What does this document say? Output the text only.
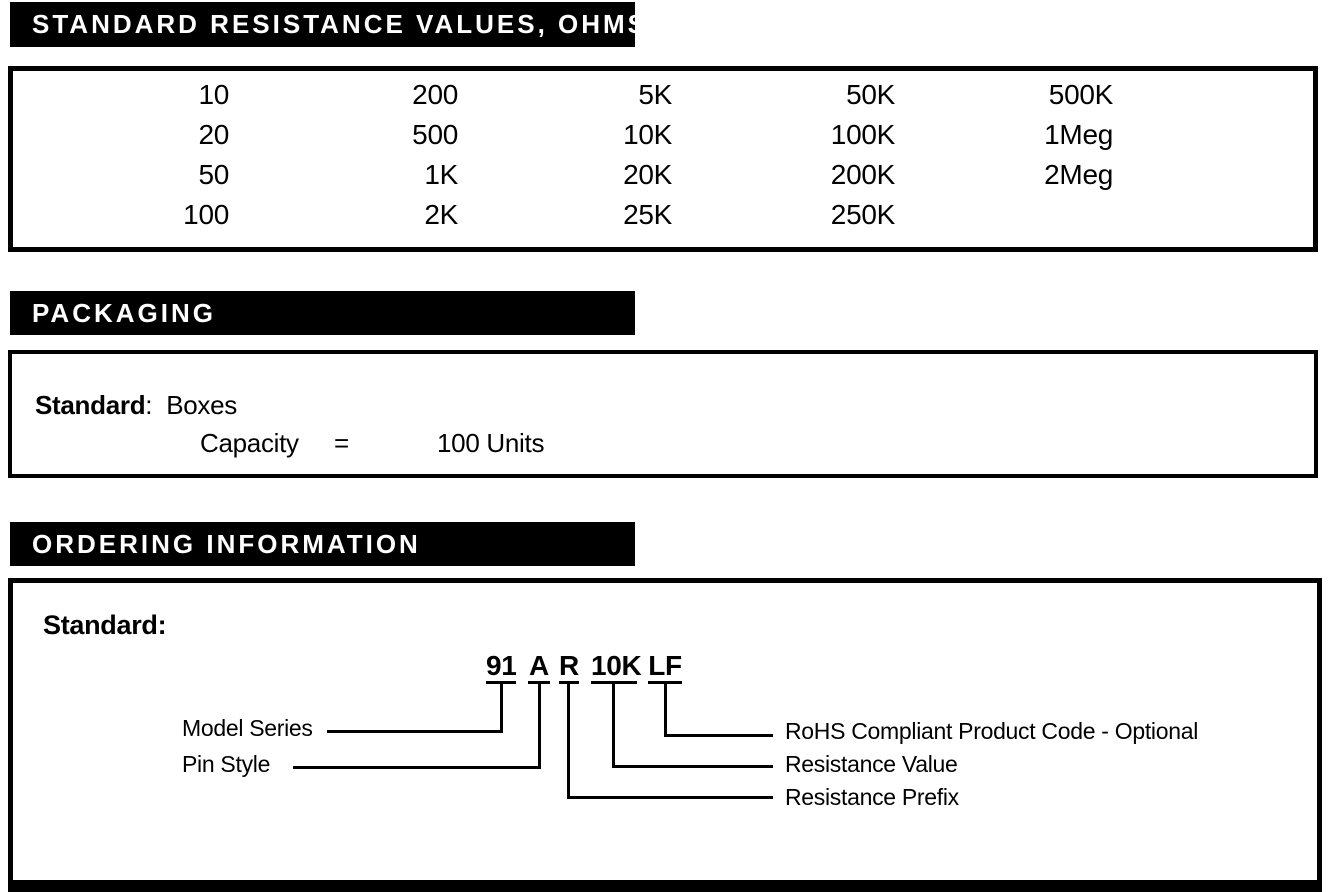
STANDARD RESISTANCE VALUES, OHMS
10	200	5K	50K	500K
20	500	10K	100K	1Meg
50	1K	20K	200K	2Meg
100	2K	25K	250K
PACKAGING
Standard: Boxes
Capacity =	100 Units
ORDERING INFORMATION
Standard:
91 A R 10K LF
Model Series
Pin Style
RoHS Compliant Product Code - Optional
Resistance Value
Resistance Prefix
